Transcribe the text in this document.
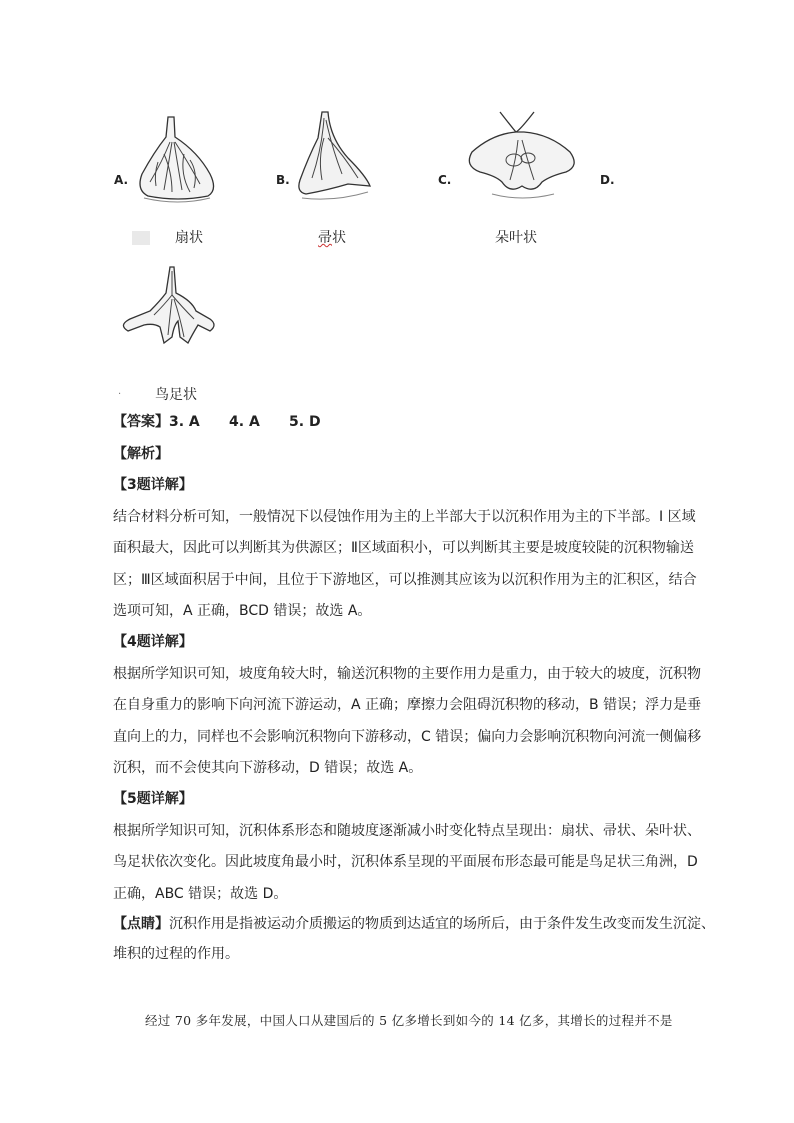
A.	B.	C.	D.
扇状	帚状	朵叶状
· 鸟足状
【答案】3. A      4. A      5. D
【解析】
【3题详解】
结合材料分析可知，一般情况下以侵蚀作用为主的上半部大于以沉积作用为主的下半部。I 区域
面积最大，因此可以判断其为供源区；Ⅱ区域面积小，可以判断其主要是坡度较陡的沉积物输送
区；Ⅲ区域面积居于中间，且位于下游地区，可以推测其应该为以沉积作用为主的汇积区，结合
选项可知，A 正确，BCD 错误；故选 A。
【4题详解】
根据所学知识可知，坡度角较大时，输送沉积物的主要作用力是重力，由于较大的坡度，沉积物
在自身重力的影响下向河流下游运动，A 正确；摩擦力会阻碍沉积物的移动，B 错误；浮力是垂
直向上的力，同样也不会影响沉积物向下游移动，C 错误；偏向力会影响沉积物向河流一侧偏移
沉积，而不会使其向下游移动，D 错误；故选 A。
【5题详解】
根据所学知识可知，沉积体系形态和随坡度逐渐减小时变化特点呈现出：扇状、帚状、朵叶状、
鸟足状依次变化。因此坡度角最小时，沉积体系呈现的平面展布形态最可能是鸟足状三角洲，D
正确，ABC 错误；故选 D。
【点睛】沉积作用是指被运动介质搬运的物质到达适宜的场所后，由于条件发生改变而发生沉淀、
堆积的过程的作用。
经过 70 多年发展，中国人口从建国后的 5 亿多增长到如今的 14 亿多，其增长的过程并不是
